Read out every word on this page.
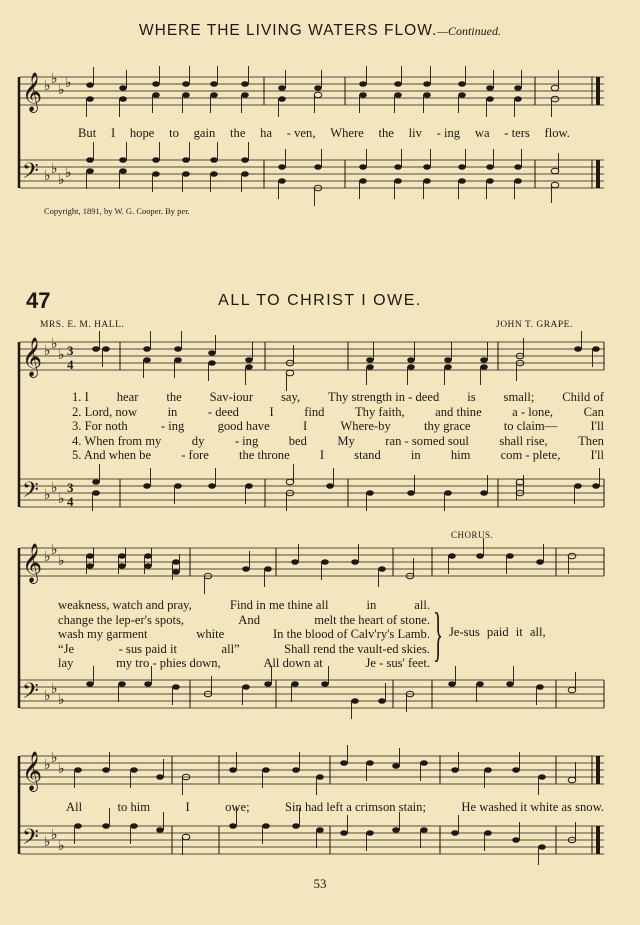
WHERE THE LIVING WATERS FLOW.—Continued.
𝄞
𝄢
𝄞
𝄢
𝄞
𝄢
𝄞
𝄢
♭ ♭
♭ ♭
♭ ♭
♭ ♭
♭ ♭
♭
♭ ♭
♭
♭ ♭
♭
♭ ♭
♭
♭ ♭
♭
♭ ♭
♭
3
4
3
4
But I hope to gain the ha - ven, Where the liv - ing wa - ters flow.
Copyright, 1891, by W. G. Cooper. By per.
47	ALL TO CHRIST I OWE.
MRS. E. M. HALL.	JOHN T. GRAPE.
1. I hear the Sav-iour say, Thy strength in - deed is small; Child of
2. Lord, now in - deed I find Thy faith, and thine a - lone, Can
3. For noth	- ing	good have	I	Where-by	thy grace	to claim—	I'll
4. When from my dy - ing bed My ran - somed soul shall rise, Then
5. And when be - fore the throne I stand in him com - plete, I'll
CHORUS.
weakness, watch and pray,	Find in me thine all	in	all.
change the lep-er's spots,	And	melt the heart of stone.
wash my garment	white	In the blood of Calv'ry's Lamb.
“Je	- sus paid it	all”	Shall rend the vault-ed skies.
lay	my tro - phies down,	All down at	Je - sus' feet. } Je-sus paid it all,
All	to him	I	owe;	Sin had left a crimson stain;	He washed it white as snow.
53
